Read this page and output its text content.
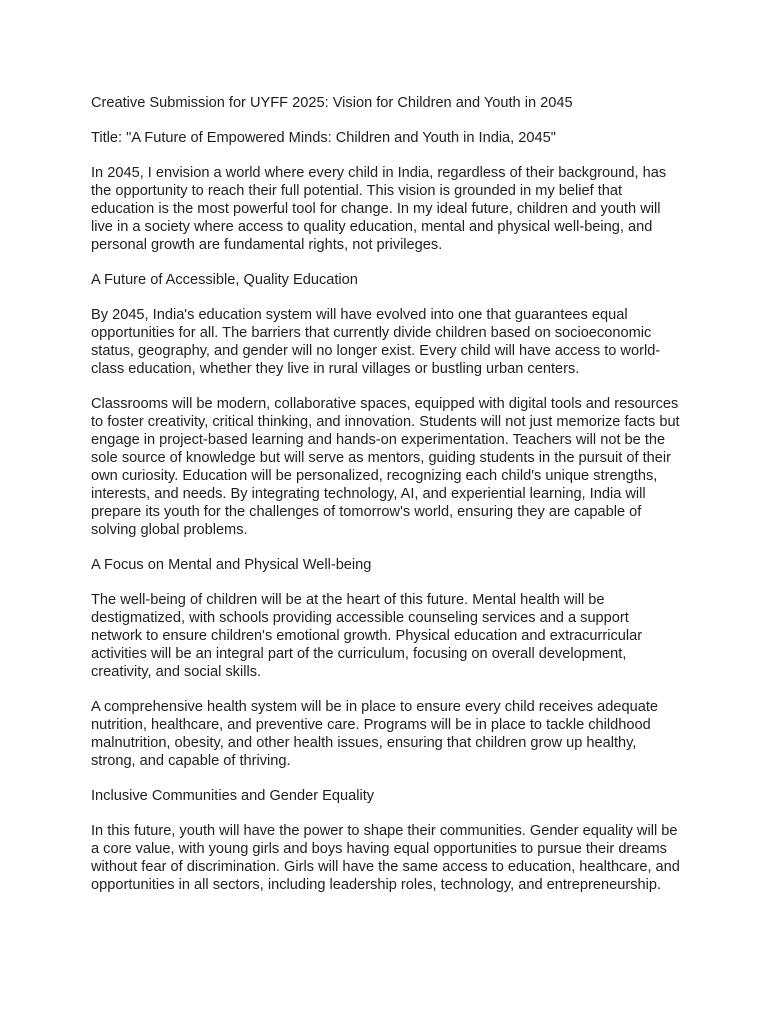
Creative Submission for UYFF 2025: Vision for Children and Youth in 2045

Title: "A Future of Empowered Minds: Children and Youth in India, 2045"

In 2045, I envision a world where every child in India, regardless of their background, has the opportunity to reach their full potential. This vision is grounded in my belief that education is the most powerful tool for change. In my ideal future, children and youth will live in a society where access to quality education, mental and physical well-being, and personal growth are fundamental rights, not privileges.

A Future of Accessible, Quality Education

By 2045, India's education system will have evolved into one that guarantees equal opportunities for all. The barriers that currently divide children based on socioeconomic status, geography, and gender will no longer exist. Every child will have access to world-class education, whether they live in rural villages or bustling urban centers.

Classrooms will be modern, collaborative spaces, equipped with digital tools and resources to foster creativity, critical thinking, and innovation. Students will not just memorize facts but engage in project-based learning and hands-on experimentation. Teachers will not be the sole source of knowledge but will serve as mentors, guiding students in the pursuit of their own curiosity. Education will be personalized, recognizing each child's unique strengths, interests, and needs. By integrating technology, AI, and experiential learning, India will prepare its youth for the challenges of tomorrow's world, ensuring they are capable of solving global problems.

A Focus on Mental and Physical Well-being

The well-being of children will be at the heart of this future. Mental health will be destigmatized, with schools providing accessible counseling services and a support network to ensure children's emotional growth. Physical education and extracurricular activities will be an integral part of the curriculum, focusing on overall development, creativity, and social skills.

A comprehensive health system will be in place to ensure every child receives adequate nutrition, healthcare, and preventive care. Programs will be in place to tackle childhood malnutrition, obesity, and other health issues, ensuring that children grow up healthy, strong, and capable of thriving.

Inclusive Communities and Gender Equality

In this future, youth will have the power to shape their communities. Gender equality will be a core value, with young girls and boys having equal opportunities to pursue their dreams without fear of discrimination. Girls will have the same access to education, healthcare, and opportunities in all sectors, including leadership roles, technology, and entrepreneurship.
